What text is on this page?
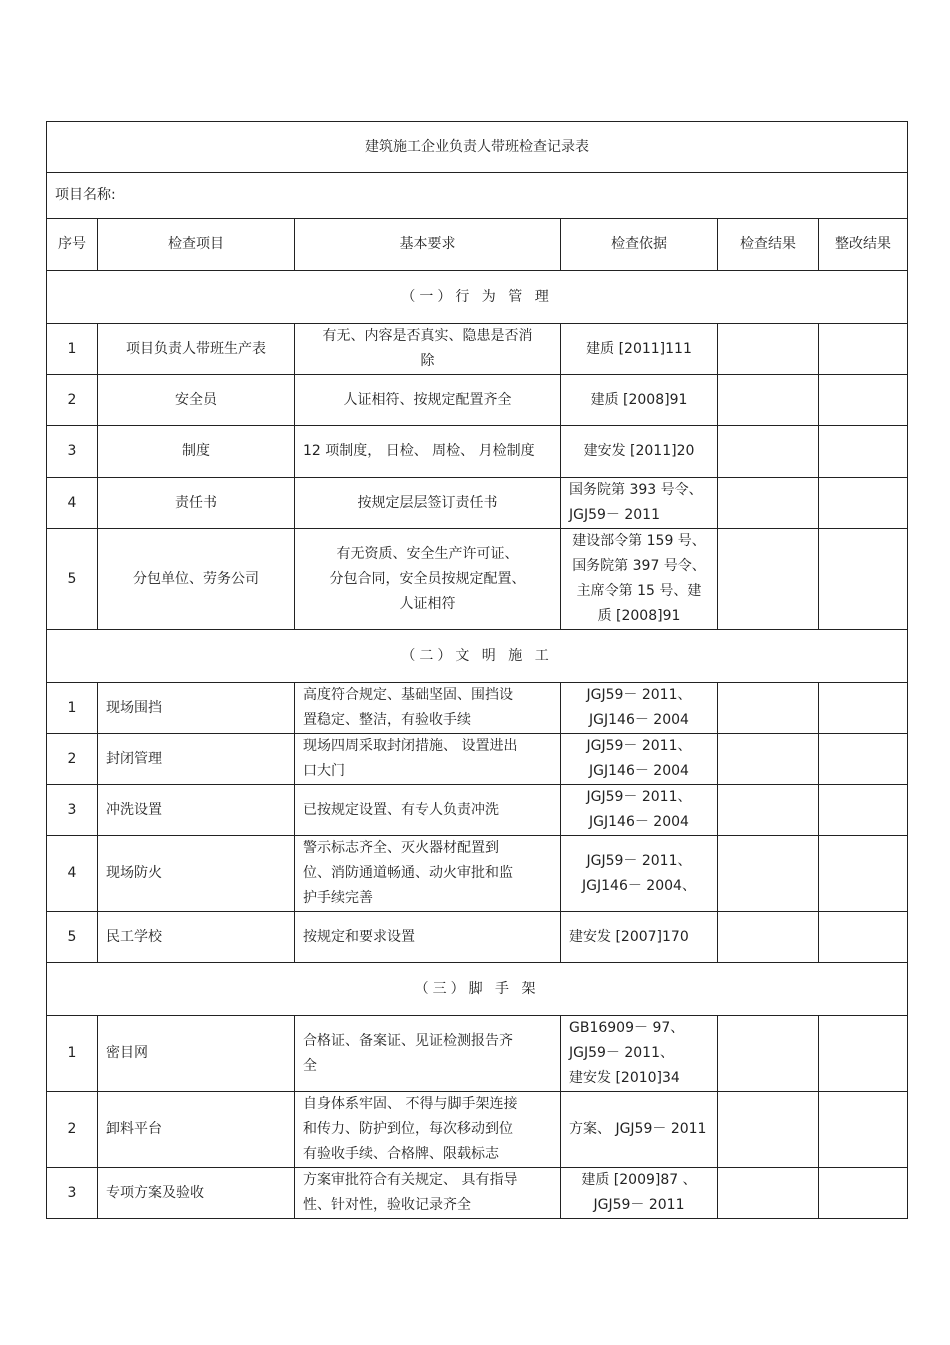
建筑施工企业负责人带班检查记录表					
项目名称:					
序号	检查项目	基本要求	检查依据	检查结果	整改结果
（一）行 为 管 理					
1	项目负责人带班生产表	有无、内容是否真实、隐患是否消
除	建质 [2011]111		
2	安全员	人证相符、按规定配置齐全	建质 [2008]91		
3	制度	12 项制度， 日检、 周检、 月检制度	建安发 [2011]20		
4	责任书	按规定层层签订责任书	国务院第 393 号令、
JGJ59－ 2011		
5	分包单位、劳务公司	有无资质、安全生产许可证、
分包合同，安全员按规定配置、
人证相符	建设部令第 159 号、
国务院第 397 号令、
主席令第 15 号、建
质 [2008]91		
（二）文 明 施 工					
1	现场围挡	高度符合规定、基础坚固、围挡设
置稳定、整洁，有验收手续	JGJ59－ 2011、
JGJ146－ 2004		
2	封闭管理	现场四周采取封闭措施、 设置进出
口大门	JGJ59－ 2011、
JGJ146－ 2004		
3	冲洗设置	已按规定设置、有专人负责冲洗	JGJ59－ 2011、
JGJ146－ 2004		
4	现场防火	警示标志齐全、灭火器材配置到
位、消防通道畅通、动火审批和监
护手续完善	JGJ59－ 2011、
JGJ146－ 2004、		
5	民工学校	按规定和要求设置	建安发 [2007]170		
（三）脚 手 架					
1	密目网	合格证、备案证、见证检测报告齐
全	GB16909－ 97、
JGJ59－ 2011、
建安发 [2010]34		
2	卸料平台	自身体系牢固、 不得与脚手架连接
和传力、防护到位，每次移动到位
有验收手续、合格牌、限载标志	方案、 JGJ59－ 2011		
3	专项方案及验收	方案审批符合有关规定、 具有指导
性、针对性，验收记录齐全	建质 [2009]87 、
JGJ59－ 2011		
